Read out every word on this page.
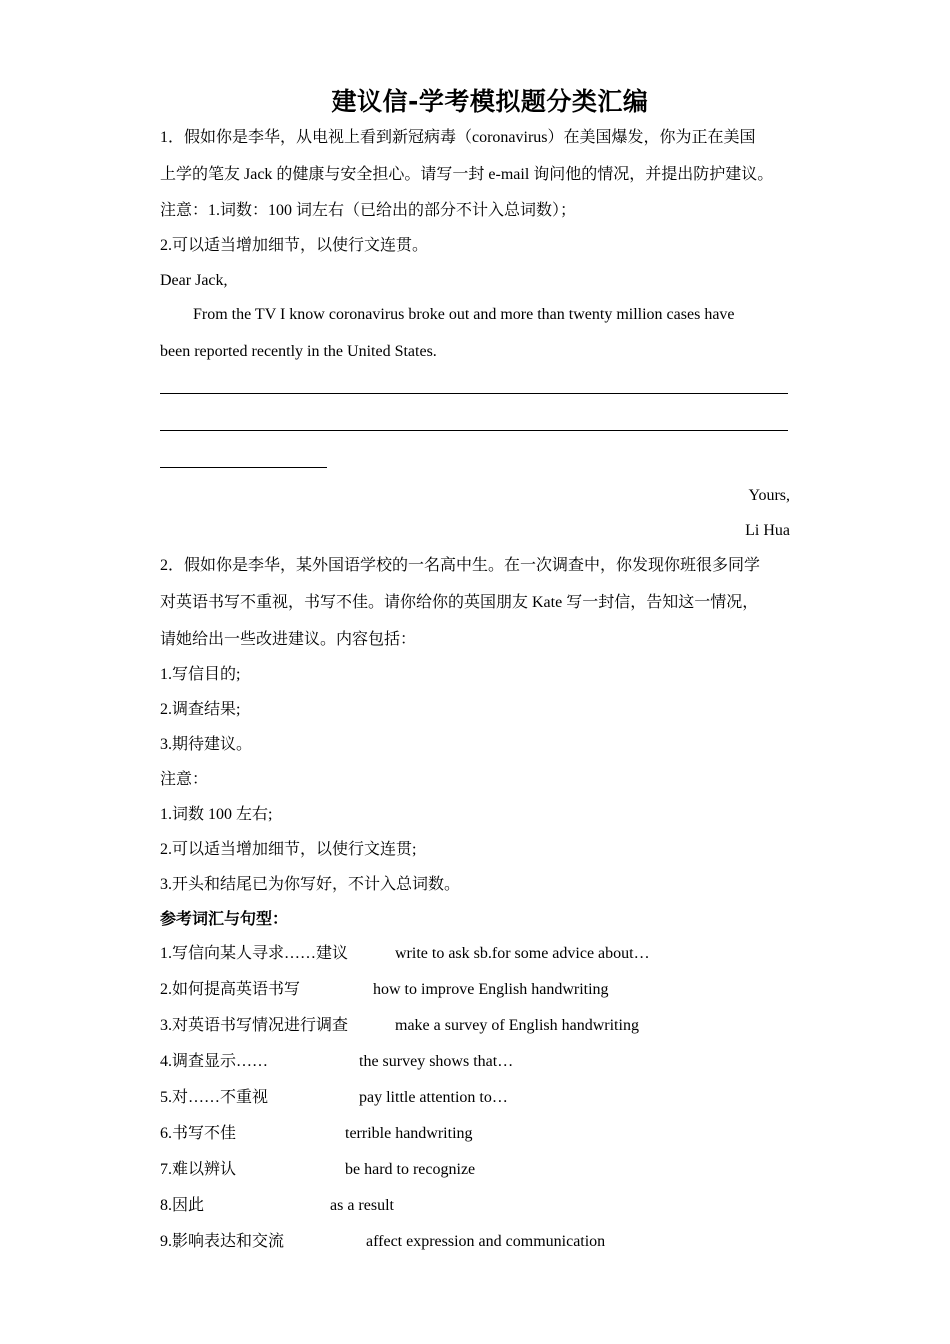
建议信-学考模拟题分类汇编
1．假如你是李华，从电视上看到新冠病毒（coronavirus）在美国爆发，你为正在美国
上学的笔友 Jack 的健康与安全担心。请写一封 e-mail 询问他的情况，并提出防护建议。
注意：1.词数：100 词左右（已给出的部分不计入总词数）；
2.可以适当增加细节，以使行文连贯。
Dear Jack,
From the TV I know coronavirus broke out and more than twenty million cases have
been reported recently in the United States.
Yours,
Li Hua
2．假如你是李华，某外国语学校的一名高中生。在一次调查中，你发现你班很多同学
对英语书写不重视，书写不佳。请你给你的英国朋友 Kate 写一封信，告知这一情况，
请她给出一些改进建议。内容包括：
1.写信目的;
2.调查结果;
3.期待建议。
注意：
1.词数 100 左右;
2.可以适当增加细节，以使行文连贯;
3.开头和结尾已为你写好，不计入总词数。
参考词汇与句型：
1.写信向某人寻求……建议	write to ask sb.for some advice about…
2.如何提高英语书写	how to improve English handwriting
3.对英语书写情况进行调查	make a survey of English handwriting
4.调查显示……	the survey shows that…
5.对……不重视	pay little attention to…
6.书写不佳	terrible handwriting
7.难以辨认	be hard to recognize
8.因此	as a result
9.影响表达和交流	affect expression and communication
